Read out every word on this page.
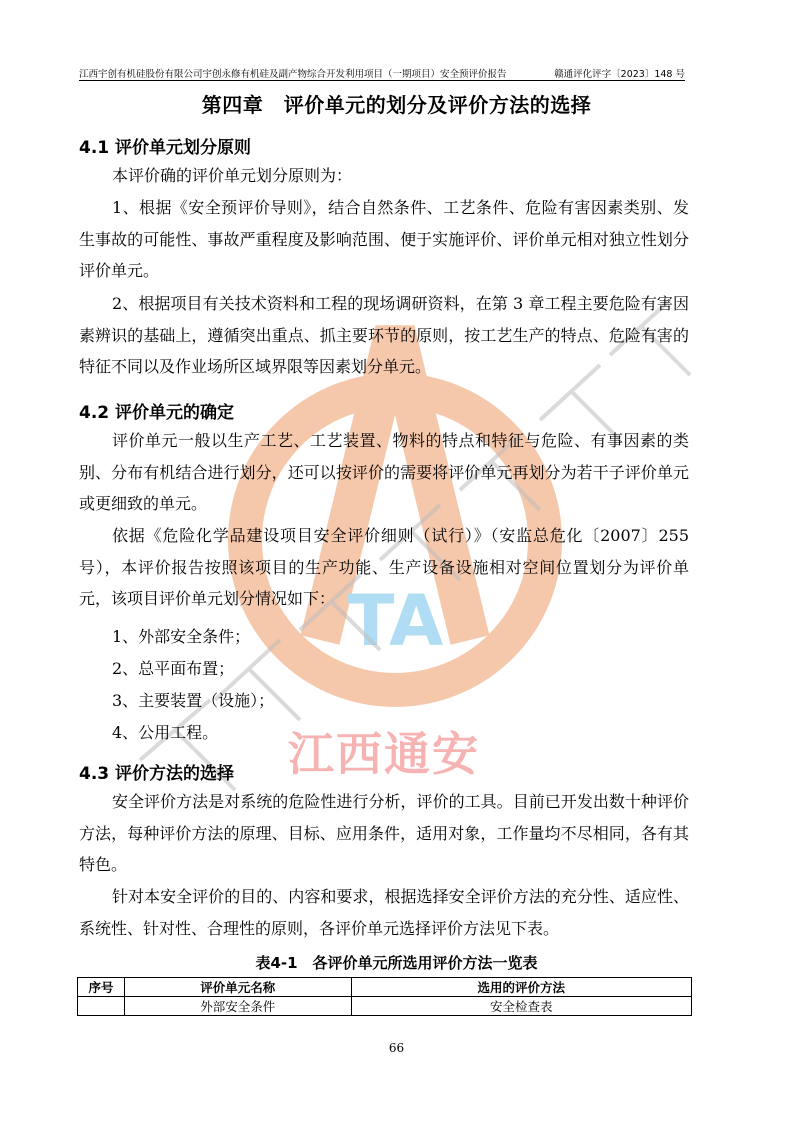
TA
江西宇创有机硅股份有限公司宇创永修有机硅及副产物综合开发利用项目（一期项目）安全预评价报告	赣通评化评字〔2023〕148 号
第四章　评价单元的划分及评价方法的选择
4.1 评价单元划分原则
本评价确的评价单元划分原则为：
1、根据《安全预评价导则》，结合自然条件、工艺条件、危险有害因素类别、发生事故的可能性、事故严重程度及影响范围、便于实施评价、评价单元相对独立性划分评价单元。
2、根据项目有关技术资料和工程的现场调研资料，在第 3 章工程主要危险有害因素辨识的基础上，遵循突出重点、抓主要环节的原则，按工艺生产的特点、危险有害的特征不同以及作业场所区域界限等因素划分单元。
4.2 评价单元的确定
评价单元一般以生产工艺、工艺装置、物料的特点和特征与危险、有事因素的类别、分布有机结合进行划分，还可以按评价的需要将评价单元再划分为若干子评价单元或更细致的单元。
依据《危险化学品建设项目安全评价细则（试行）》（安监总危化〔2007〕255 号），本评价报告按照该项目的生产功能、生产设备设施相对空间位置划分为评价单元，该项目评价单元划分情况如下：
1、外部安全条件；
2、总平面布置；
3、主要装置（设施）；
4、公用工程。 江西通安
4.3 评价方法的选择
安全评价方法是对系统的危险性进行分析，评价的工具。目前已开发出数十种评价方法，每种评价方法的原理、目标、应用条件，适用对象，工作量均不尽相同，各有其特色。
针对本安全评价的目的、内容和要求，根据选择安全评价方法的充分性、适应性、系统性、针对性、合理性的原则，各评价单元选择评价方法见下表。
表4-1　各评价单元所选用评价方法一览表
序号	评价单元名称	选用的评价方法
	外部安全条件	安全检查表
66
